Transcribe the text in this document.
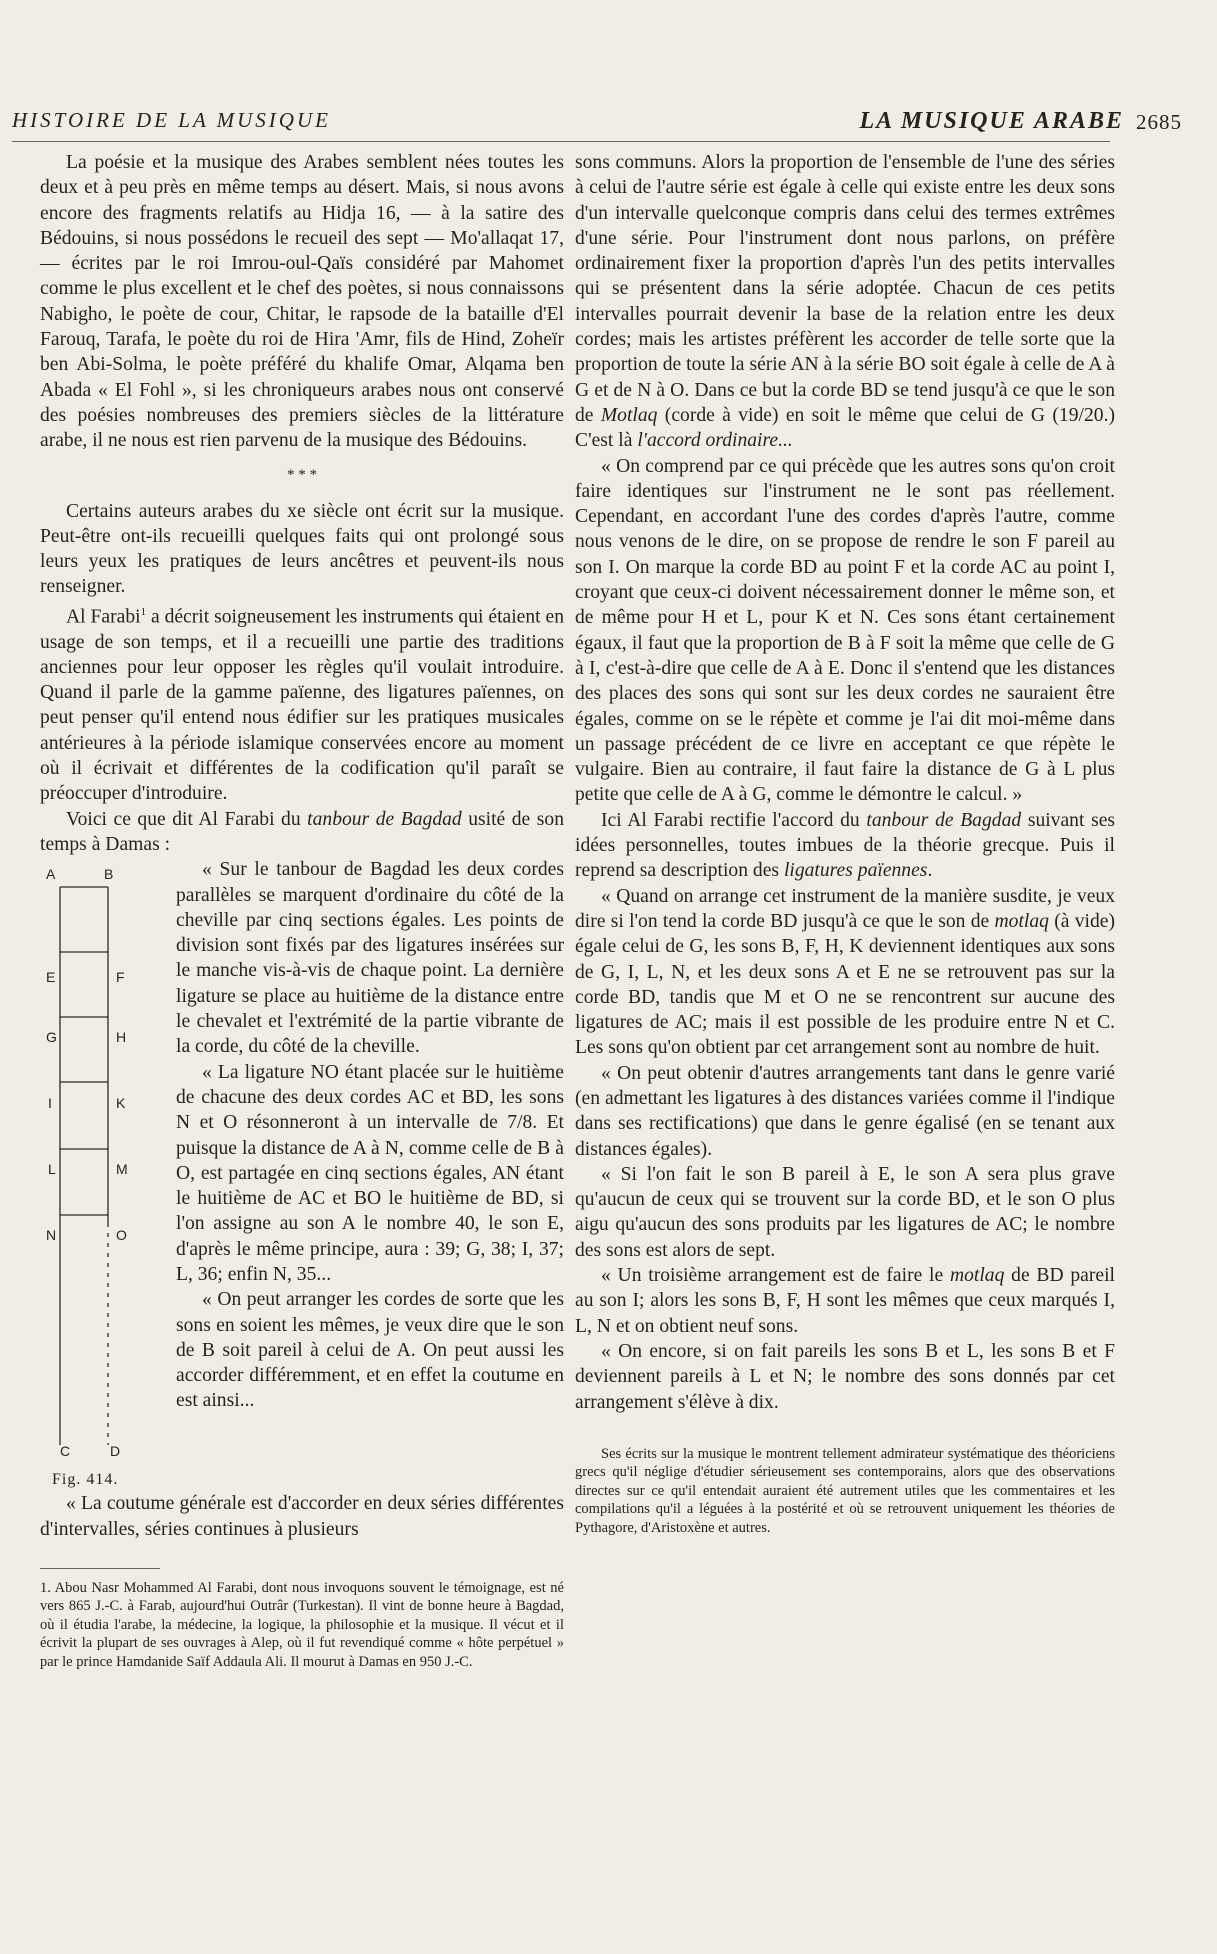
HISTOIRE DE LA MUSIQUE	LA MUSIQUE ARABE 2685

La poésie et la musique des Arabes semblent nées toutes les deux et à peu près en même temps au désert. Mais, si nous avons encore des fragments relatifs au Hidja 16, — à la satire des Bédouins, si nous possédons le recueil des sept — Mo'allaqat 17, — écrites par le roi Imrou-oul-Qaïs considéré par Mahomet comme le plus excellent et le chef des poètes, si nous connaissons Nabigho, le poète de cour, Chitar, le rapsode de la bataille d'El Farouq, Tarafa, le poète du roi de Hira 'Amr, fils de Hind, Zoheïr ben Abi-Solma, le poète préféré du khalife Omar, Alqama ben Abada « El Fohl », si les chroniqueurs arabes nous ont conservé des poésies nombreuses des premiers siècles de la littérature arabe, il ne nous est rien parvenu de la musique des Bédouins.

* * *

Certains auteurs arabes du xe siècle ont écrit sur la musique. Peut-être ont-ils recueilli quelques faits qui ont prolongé sous leurs yeux les pratiques de leurs ancêtres et peuvent-ils nous renseigner.

Al Farabi$^1$ a décrit soigneusement les instruments qui étaient en usage de son temps, et il a recueilli une partie des traditions anciennes pour leur opposer les règles qu'il voulait introduire. Quand il parle de la gamme païenne, des ligatures païennes, on peut penser qu'il entend nous édifier sur les pratiques musicales antérieures à la période islamique conservées encore au moment où il écrivait et différentes de la codification qu'il paraît se préoccuper d'introduire.

Voici ce que dit Al Farabi du tanbour de Bagdad usité de son temps à Damas :

A
E
G
I
L
N
C
B
F
H
K
M
O
D
Fig. 414.

« Sur le tanbour de Bagdad les deux cordes parallèles se marquent d'ordinaire du côté de la cheville par cinq sections égales. Les points de division sont fixés par des ligatures insérées sur le manche vis-à-vis de chaque point. La dernière ligature se place au huitième de la distance entre le chevalet et l'extrémité de la partie vibrante de la corde, du côté de la cheville.

« La ligature NO étant placée sur le huitième de chacune des deux cordes AC et BD, les sons N et O résonneront à un intervalle de 7/8. Et puisque la distance de A à N, comme celle de B à O, est partagée en cinq sections égales, AN étant le huitième de AC et BO le huitième de BD, si l'on assigne au son A le nombre 40, le son E, d'après le même principe, aura : 39; G, 38; I, 37; L, 36; enfin N, 35...

« On peut arranger les cordes de sorte que les sons en soient les mêmes, je veux dire que le son de B soit pareil à celui de A. On peut aussi les accorder différemment, et en effet la coutume en est ainsi...

« La coutume générale est d'accorder en deux séries différentes d'intervalles, séries continues à plusieurs

1. Abou Nasr Mohammed Al Farabi, dont nous invoquons souvent le témoignage, est né vers 865 J.-C. à Farab, aujourd'hui Outrâr (Turkestan). Il vint de bonne heure à Bagdad, où il étudia l'arabe, la médecine, la logique, la philosophie et la musique. Il vécut et il écrivit la plupart de ses ouvrages à Alep, où il fut revendiqué comme « hôte perpétuel » par le prince Hamdanide Saïf Addaula Ali. Il mourut à Damas en 950 J.-C.

sons communs. Alors la proportion de l'ensemble de l'une des séries à celui de l'autre série est égale à celle qui existe entre les deux sons d'un intervalle quelconque compris dans celui des termes extrêmes d'une série. Pour l'instrument dont nous parlons, on préfère ordinairement fixer la proportion d'après l'un des petits intervalles qui se présentent dans la série adoptée. Chacun de ces petits intervalles pourrait devenir la base de la relation entre les deux cordes; mais les artistes préfèrent les accorder de telle sorte que la proportion de toute la série AN à la série BO soit égale à celle de A à G et de N à O. Dans ce but la corde BD se tend jusqu'à ce que le son de Motlaq (corde à vide) en soit le même que celui de G (19/20.) C'est là l'accord ordinaire...

« On comprend par ce qui précède que les autres sons qu'on croit faire identiques sur l'instrument ne le sont pas réellement. Cependant, en accordant l'une des cordes d'après l'autre, comme nous venons de le dire, on se propose de rendre le son F pareil au son I. On marque la corde BD au point F et la corde AC au point I, croyant que ceux-ci doivent nécessairement donner le même son, et de même pour H et L, pour K et N. Ces sons étant certainement égaux, il faut que la proportion de B à F soit la même que celle de G à I, c'est-à-dire que celle de A à E. Donc il s'entend que les distances des places des sons qui sont sur les deux cordes ne sauraient être égales, comme on se le répète et comme je l'ai dit moi-même dans un passage précédent de ce livre en acceptant ce que répète le vulgaire. Bien au contraire, il faut faire la distance de G à L plus petite que celle de A à G, comme le démontre le calcul. »

Ici Al Farabi rectifie l'accord du tanbour de Bagdad suivant ses idées personnelles, toutes imbues de la théorie grecque. Puis il reprend sa description des ligatures païennes.

« Quand on arrange cet instrument de la manière susdite, je veux dire si l'on tend la corde BD jusqu'à ce que le son de motlaq (à vide) égale celui de G, les sons B, F, H, K deviennent identiques aux sons de G, I, L, N, et les deux sons A et E ne se retrouvent pas sur la corde BD, tandis que M et O ne se rencontrent sur aucune des ligatures de AC; mais il est possible de les produire entre N et C. Les sons qu'on obtient par cet arrangement sont au nombre de huit.

« On peut obtenir d'autres arrangements tant dans le genre varié (en admettant les ligatures à des distances variées comme il l'indique dans ses rectifications) que dans le genre égalisé (en se tenant aux distances égales).

« Si l'on fait le son B pareil à E, le son A sera plus grave qu'aucun de ceux qui se trouvent sur la corde BD, et le son O plus aigu qu'aucun des sons produits par les ligatures de AC; le nombre des sons est alors de sept.

« Un troisième arrangement est de faire le motlaq de BD pareil au son I; alors les sons B, F, H sont les mêmes que ceux marqués I, L, N et on obtient neuf sons.

« On encore, si on fait pareils les sons B et L, les sons B et F deviennent pareils à L et N; le nombre des sons donnés par cet arrangement s'élève à dix.

Ses écrits sur la musique le montrent tellement admirateur systématique des théoriciens grecs qu'il néglige d'étudier sérieusement ses contemporains, alors que des observations directes sur ce qu'il entendait auraient été autrement utiles que les commentaires et les compilations qu'il a léguées à la postérité et où se retrouvent uniquement les théories de Pythagore, d'Aristoxène et autres.
